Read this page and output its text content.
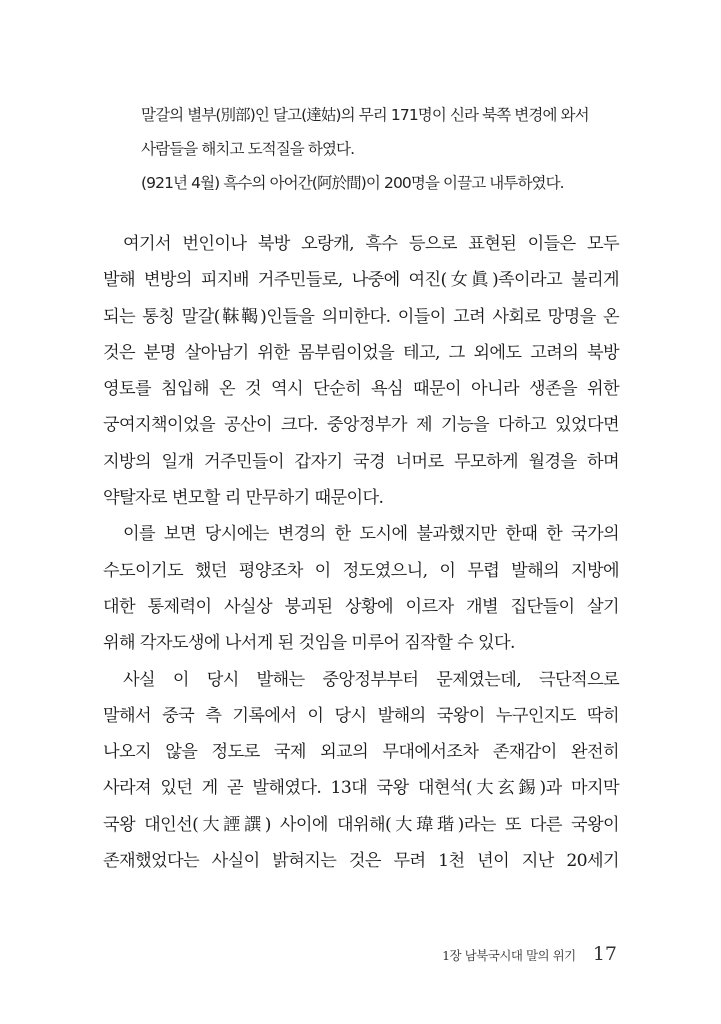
말갈의 별부(別部)인 달고(達姑)의 무리 171명이 신라 북쪽 변경에 와서

사람들을 해치고 도적질을 하였다.

(921년 4월) 흑수의 아어간(阿於間)이 200명을 이끌고 내투하였다.

여기서 번인이나 북방 오랑캐, 흑수 등으로 표현된 이들은 모두
발해 변방의 피지배 거주민들로, 나중에 여진(女眞)족이라고 불리게
되는 통칭 말갈(靺鞨)인들을 의미한다. 이들이 고려 사회로 망명을 온
것은 분명 살아남기 위한 몸부림이었을 테고, 그 외에도 고려의 북방
영토를 침입해 온 것 역시 단순히 욕심 때문이 아니라 생존을 위한
궁여지책이었을 공산이 크다. 중앙정부가 제 기능을 다하고 있었다면
지방의 일개 거주민들이 갑자기 국경 너머로 무모하게 월경을 하며
약탈자로 변모할 리 만무하기 때문이다.
이를 보면 당시에는 변경의 한 도시에 불과했지만 한때 한 국가의
수도이기도 했던 평양조차 이 정도였으니, 이 무렵 발해의 지방에
대한 통제력이 사실상 붕괴된 상황에 이르자 개별 집단들이 살기
위해 각자도생에 나서게 된 것임을 미루어 짐작할 수 있다.
사실 이 당시 발해는 중앙정부부터 문제였는데, 극단적으로
말해서 중국 측 기록에서 이 당시 발해의 국왕이 누구인지도 딱히
나오지 않을 정도로 국제 외교의 무대에서조차 존재감이 완전히
사라져 있던 게 곧 발해였다. 13대 국왕 대현석(大玄錫)과 마지막
국왕 대인선(大諲譔) 사이에 대위해(大瑋瑎)라는 또 다른 국왕이
존재했었다는 사실이 밝혀지는 것은 무려 1천 년이 지난 20세기
1장 남북국시대 말의 위기 17
